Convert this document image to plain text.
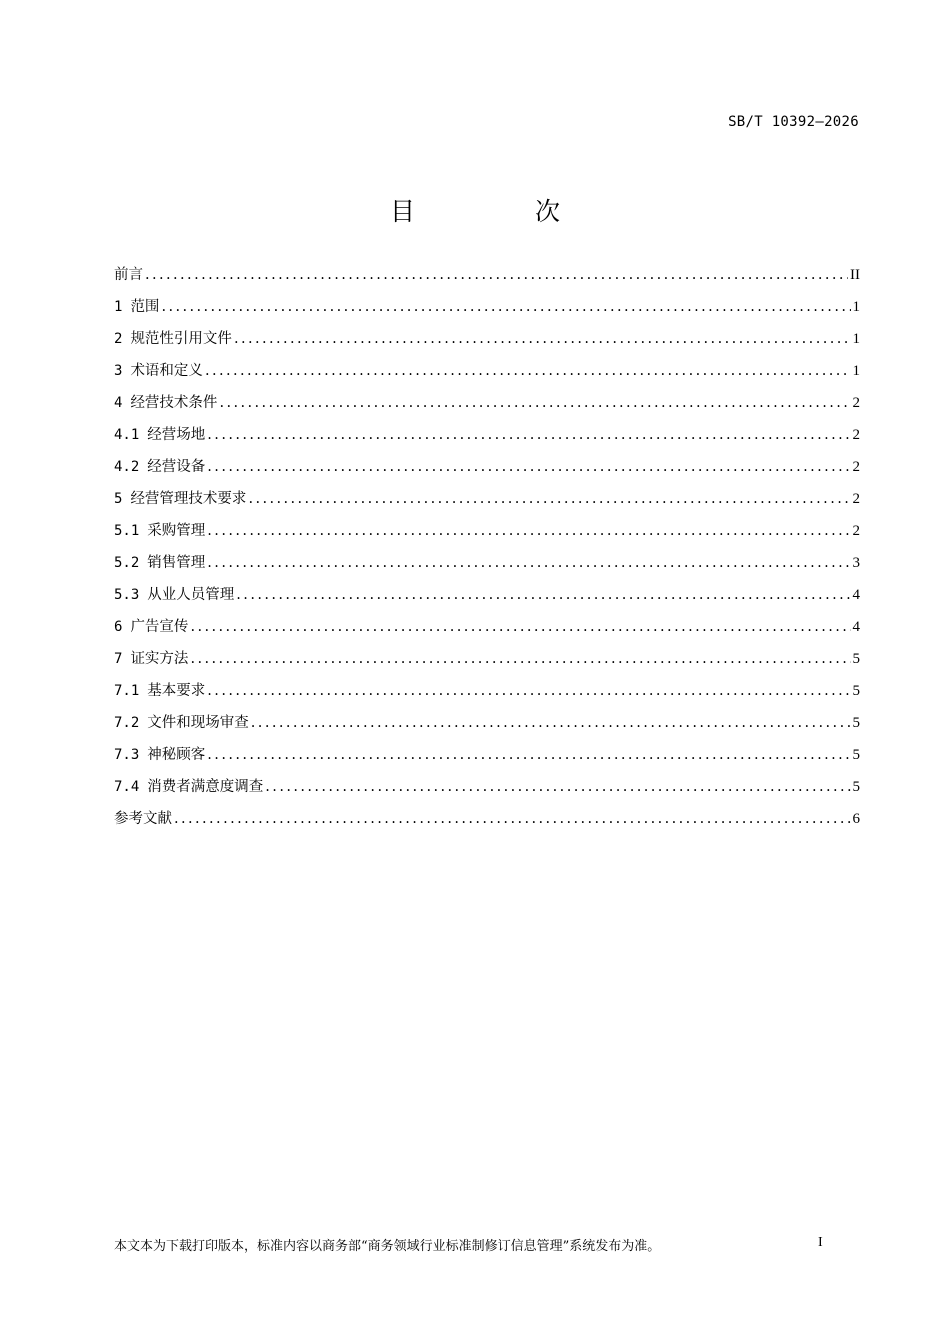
SB/T 10392—2026
目 次
前言 .....	II
1 范围 .....	1
2 规范性引用文件 .....	1
3 术语和定义 .....	1
4 经营技术条件 .....	2
4.1 经营场地 .....	2
4.2 经营设备 .....	2
5 经营管理技术要求 .....	2
5.1 采购管理 .....	2
5.2 销售管理 .....	3
5.3 从业人员管理 .....	4
6 广告宣传 .....	4
7 证实方法 .....	5
7.1 基本要求 .....	5
7.2 文件和现场审查 .....	5
7.3 神秘顾客 .....	5
7.4 消费者满意度调查 .....	5
参考文献 .....	6
本文本为下载打印版本，标准内容以商务部“商务领域行业标准制修订信息管理”系统发布为准。	I
